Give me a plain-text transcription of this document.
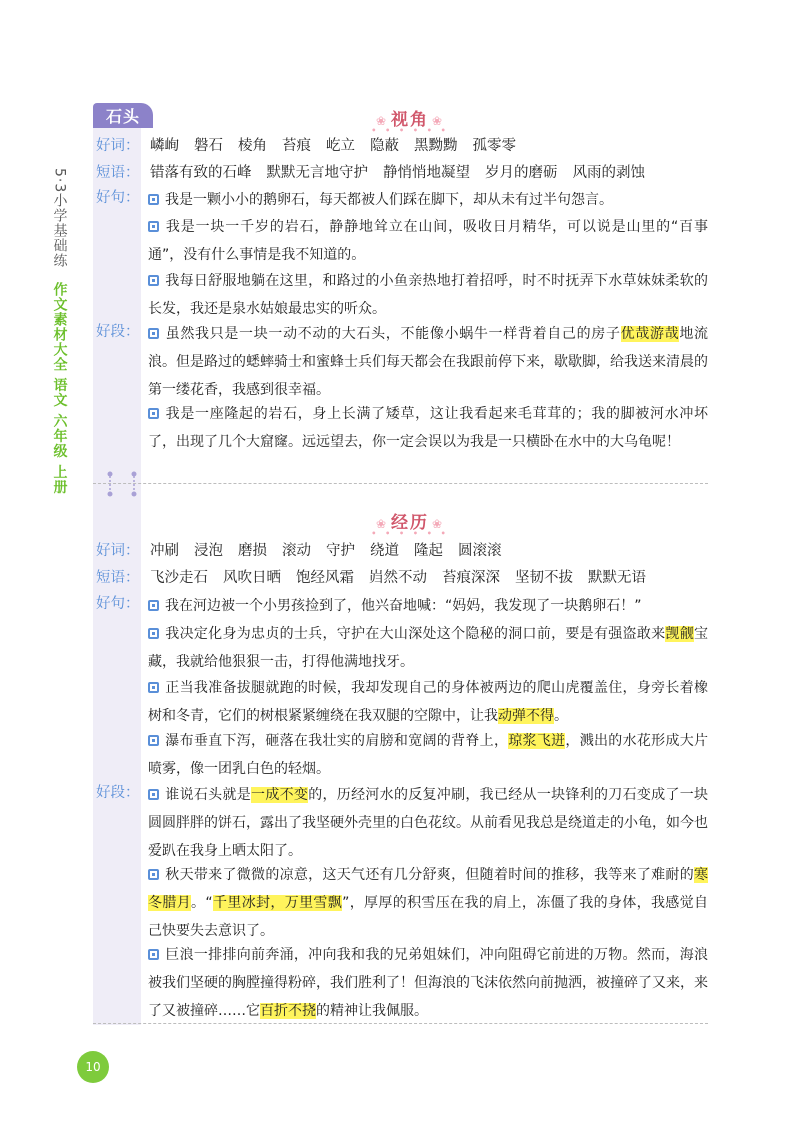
5·3小学基础练
作文素材大全 语文 六年级 上册
石头	❀ 视角 ❀
• • • • • •
好词： 嶙峋 磐石 棱角 苔痕 屹立 隐蔽 黑黝黝 孤零零
短语： 错落有致的石峰 默默无言地守护 静悄悄地凝望 岁月的磨砺 风雨的剥蚀
好句：	我是一颗小小的鹅卵石，每天都被人们踩在脚下，却从未有过半句怨言。
我是一块一千岁的岩石，静静地耸立在山间，吸收日月精华，可以说是山里的“百事通”，没有什么事情是我不知道的。
我每日舒服地躺在这里，和路过的小鱼亲热地打着招呼，时不时抚弄下水草妹妹柔软的长发，我还是泉水姑娘最忠实的听众。
好段：	虽然我只是一块一动不动的大石头，不能像小蜗牛一样背着自己的房子优哉游哉地流浪。但是路过的蟋蟀骑士和蜜蜂士兵们每天都会在我跟前停下来，歇歇脚，给我送来清晨的第一缕花香，我感到很幸福。
我是一座隆起的岩石，身上长满了矮草，这让我看起来毛茸茸的；我的脚被河水冲坏了，出现了几个大窟窿。远远望去，你一定会误以为我是一只横卧在水中的大乌龟呢！
❀ 经历 ❀
• • • • • •
好词： 冲刷 浸泡 磨损 滚动 守护 绕道 隆起 圆滚滚
短语： 飞沙走石 风吹日晒 饱经风霜 岿然不动 苔痕深深 坚韧不拔 默默无语
好句：	我在河边被一个小男孩捡到了，他兴奋地喊：“妈妈，我发现了一块鹅卵石！”
我决定化身为忠贞的士兵，守护在大山深处这个隐秘的洞口前，要是有强盗敢来觊觎宝藏，我就给他狠狠一击，打得他满地找牙。
正当我准备拔腿就跑的时候，我却发现自己的身体被两边的爬山虎覆盖住，身旁长着橡树和冬青，它们的树根紧紧缠绕在我双腿的空隙中，让我动弹不得。
瀑布垂直下泻，砸落在我壮实的肩膀和宽阔的背脊上，琼浆飞迸，溅出的水花形成大片喷雾，像一团乳白色的轻烟。
好段：	谁说石头就是一成不变的，历经河水的反复冲刷，我已经从一块锋利的刀石变成了一块圆圆胖胖的饼石，露出了我坚硬外壳里的白色花纹。从前看见我总是绕道走的小龟，如今也爱趴在我身上晒太阳了。
秋天带来了微微的凉意，这天气还有几分舒爽，但随着时间的推移，我等来了难耐的寒冬腊月。“千里冰封，万里雪飘”，厚厚的积雪压在我的肩上，冻僵了我的身体，我感觉自己快要失去意识了。
巨浪一排排向前奔涌，冲向我和我的兄弟姐妹们，冲向阻碍它前进的万物。然而，海浪被我们坚硬的胸膛撞得粉碎，我们胜利了！但海浪的飞沫依然向前抛洒，被撞碎了又来，来了又被撞碎……它百折不挠的精神让我佩服。
10
